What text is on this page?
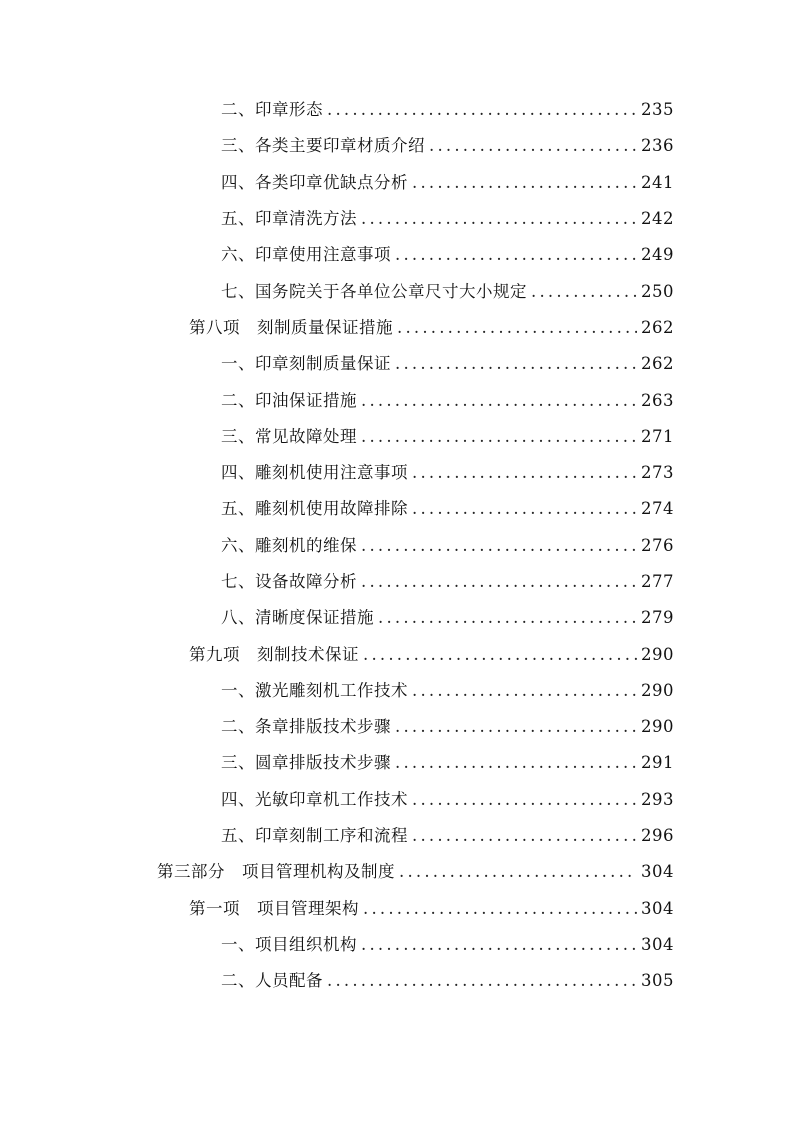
二、印章形态 .....	235
三、各类主要印章材质介绍 .....	236
四、各类印章优缺点分析 .....	241
五、印章清洗方法 .....	242
六、印章使用注意事项 .....	249
七、国务院关于各单位公章尺寸大小规定 .....	250
第八项　刻制质量保证措施 .....	262
一、印章刻制质量保证 .....	262
二、印油保证措施 .....	263
三、常见故障处理 .....	271
四、雕刻机使用注意事项 .....	273
五、雕刻机使用故障排除 .....	274
六、雕刻机的维保 .....	276
七、设备故障分析 .....	277
八、清晰度保证措施 .....	279
第九项　刻制技术保证 .....	290
一、激光雕刻机工作技术 .....	290
二、条章排版技术步骤 .....	290
三、圆章排版技术步骤 .....	291
四、光敏印章机工作技术 .....	293
五、印章刻制工序和流程 .....	296
第三部分　项目管理机构及制度 .....	304
第一项　项目管理架构 .....	304
一、项目组织机构 .....	304
二、人员配备 .....	305
